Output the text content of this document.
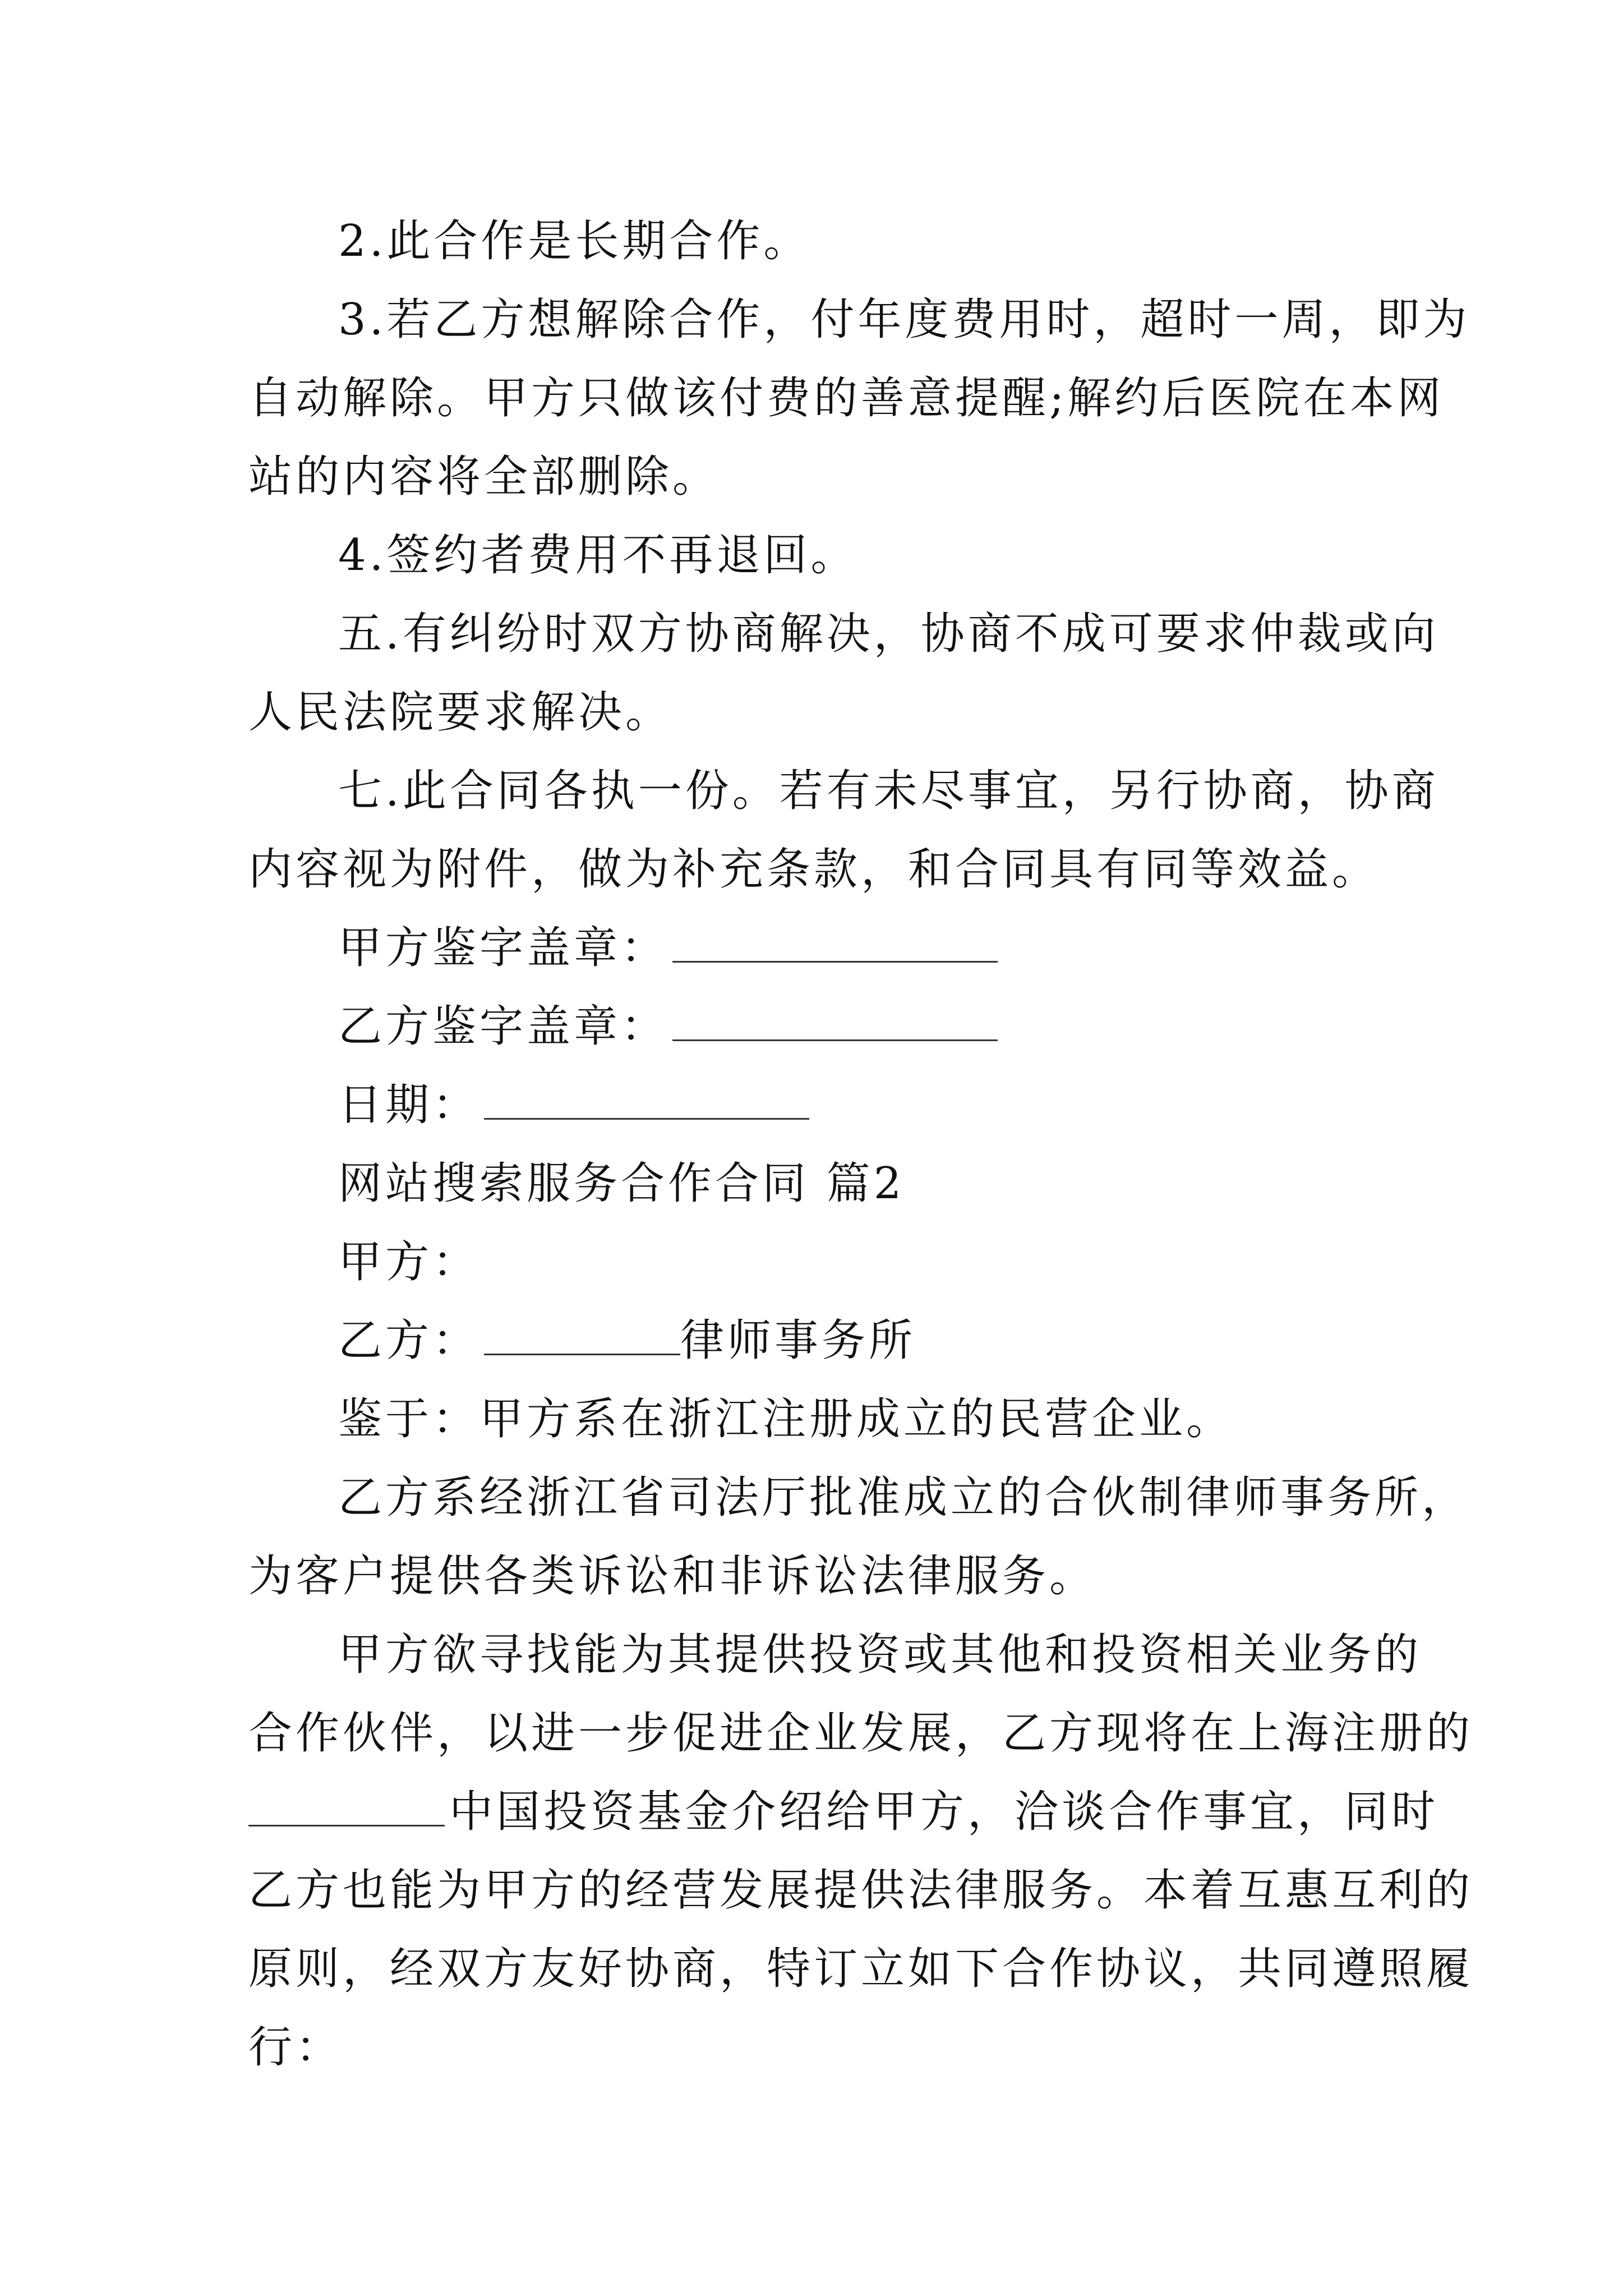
2.此合作是长期合作。
3.若乙方想解除合作，付年度费用时，超时一周，即为
自动解除。甲方只做该付费的善意提醒;解约后医院在本网
站的内容将全部删除。
4.签约者费用不再退回。
五.有纠纷时双方协商解决，协商不成可要求仲裁或向
人民法院要求解决。
七.此合同各执一份。若有未尽事宜，另行协商，协商
内容视为附件，做为补充条款，和合同具有同等效益。
甲方鉴字盖章：
乙方鉴字盖章：
日期：
网站搜索服务合作合同 篇2
甲方：
乙方：	律师事务所
鉴于：甲方系在浙江注册成立的民营企业。
乙方系经浙江省司法厅批准成立的合伙制律师事务所，
为客户提供各类诉讼和非诉讼法律服务。
甲方欲寻找能为其提供投资或其他和投资相关业务的
合作伙伴，以进一步促进企业发展，乙方现将在上海注册的
中国投资基金介绍给甲方，洽谈合作事宜，同时
乙方也能为甲方的经营发展提供法律服务。本着互惠互利的
原则，经双方友好协商，特订立如下合作协议，共同遵照履
行：
